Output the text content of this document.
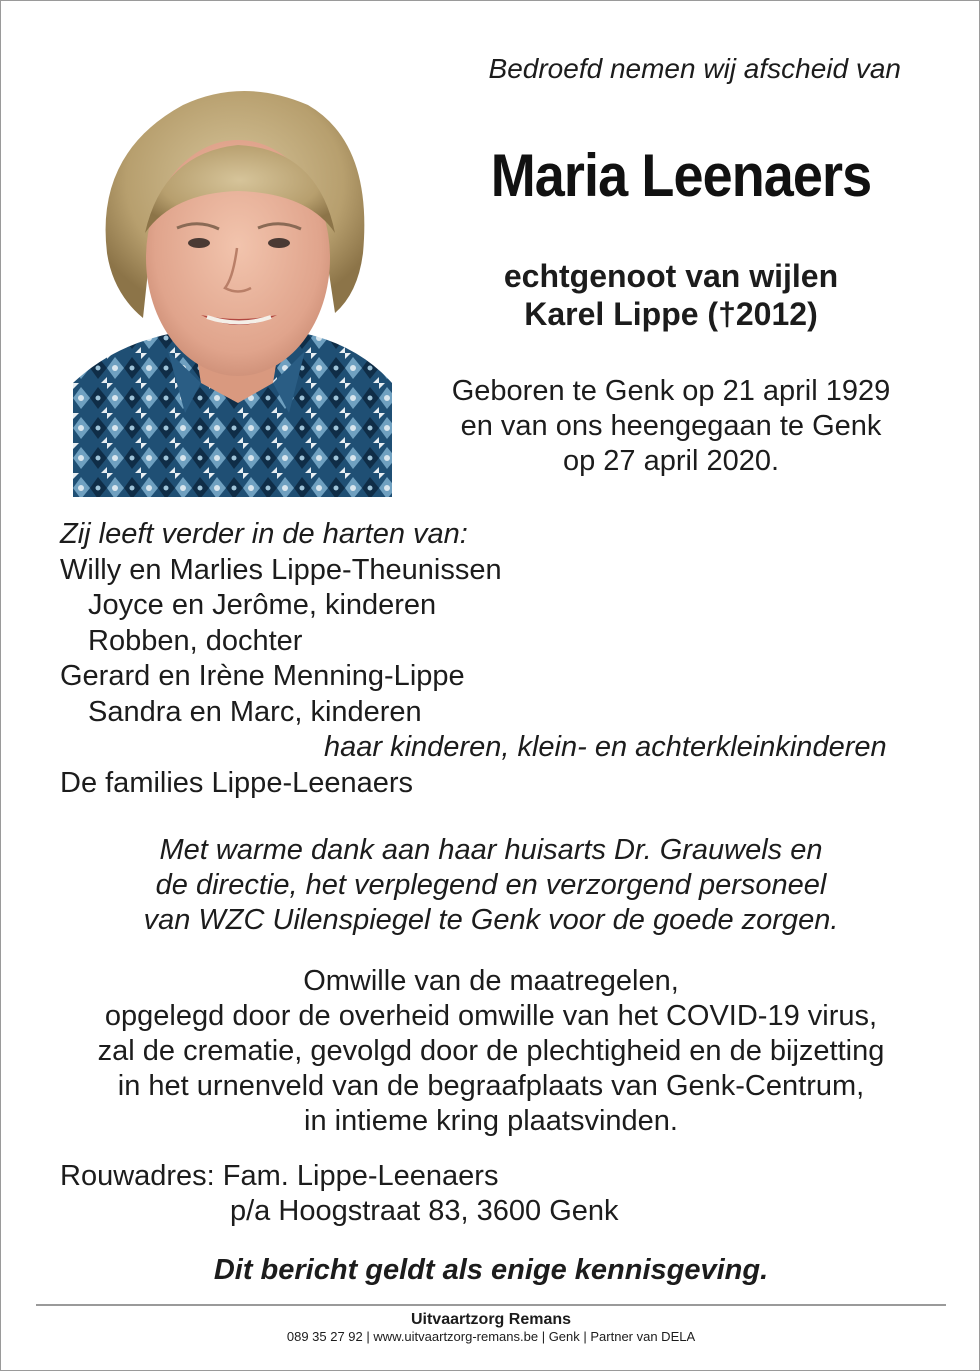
Bedroefd nemen wij afscheid van
Maria Leenaers
echtgenoot van wijlen
Karel Lippe (†2012)
Geboren te Genk op 21 april 1929
en van ons heengegaan te Genk
op 27 april 2020.
Zij leeft verder in de harten van:
Willy en Marlies Lippe-Theunissen
Joyce en Jerôme, kinderen
Robben, dochter
Gerard en Irène Menning-Lippe
Sandra en Marc, kinderen
haar kinderen, klein- en achterkleinkinderen
De families Lippe-Leenaers
Met warme dank aan haar huisarts Dr. Grauwels en
de directie, het verplegend en verzorgend personeel
van WZC Uilenspiegel te Genk voor de goede zorgen.
Omwille van de maatregelen,
opgelegd door de overheid omwille van het COVID-19 virus,
zal de crematie, gevolgd door de plechtigheid en de bijzetting
in het urnenveld van de begraafplaats van Genk-Centrum,
in intieme kring plaatsvinden.
Rouwadres: Fam. Lippe-Leenaers
p/a Hoogstraat 83, 3600 Genk
Dit bericht geldt als enige kennisgeving.
Uitvaartzorg Remans
089 35 27 92 | www.uitvaartzorg-remans.be | Genk | Partner van DELA
